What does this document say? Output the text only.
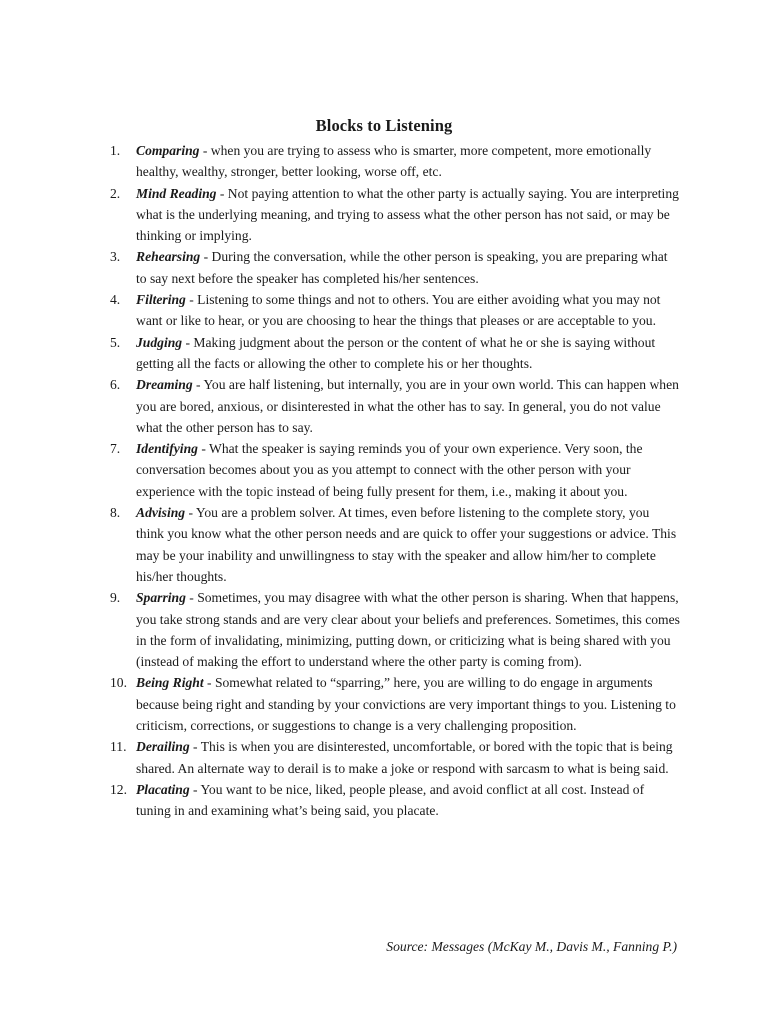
Blocks to Listening
1.	Comparing - when you are trying to assess who is smarter, more competent, more emotionally healthy, wealthy, stronger, better looking, worse off, etc.
2.	Mind Reading - Not paying attention to what the other party is actually saying. You are interpreting what is the underlying meaning, and trying to assess what the other person has not said, or may be thinking or implying.
3.	Rehearsing - During the conversation, while the other person is speaking, you are preparing what to say next before the speaker has completed his/her sentences.
4.	Filtering - Listening to some things and not to others. You are either avoiding what you may not want or like to hear, or you are choosing to hear the things that pleases or are acceptable to you.
5.	Judging - Making judgment about the person or the content of what he or she is saying without getting all the facts or allowing the other to complete his or her thoughts.
6.	Dreaming - You are half listening, but internally, you are in your own world. This can happen when you are bored, anxious, or disinterested in what the other has to say. In general, you do not value what the other person has to say.
7.	Identifying - What the speaker is saying reminds you of your own experience. Very soon, the conversation becomes about you as you attempt to connect with the other person with your experience with the topic instead of being fully present for them, i.e., making it about you.
8.	Advising - You are a problem solver. At times, even before listening to the complete story, you think you know what the other person needs and are quick to offer your suggestions or advice. This may be your inability and unwillingness to stay with the speaker and allow him/her to complete his/her thoughts.
9.	Sparring - Sometimes, you may disagree with what the other person is sharing. When that happens, you take strong stands and are very clear about your beliefs and preferences. Sometimes, this comes in the form of invalidating, minimizing, putting down, or criticizing what is being shared with you (instead of making the effort to understand where the other party is coming from).
10. Being Right - Somewhat related to “sparring,” here, you are willing to do engage in arguments because being right and standing by your convictions are very important things to you. Listening to criticism, corrections, or suggestions to change is a very challenging proposition.
11. Derailing - This is when you are disinterested, uncomfortable, or bored with the topic that is being shared. An alternate way to derail is to make a joke or respond with sarcasm to what is being said.
12. Placating - You want to be nice, liked, people please, and avoid conflict at all cost. Instead of tuning in and examining what’s being said, you placate.
Source: Messages (McKay M., Davis M., Fanning P.)
